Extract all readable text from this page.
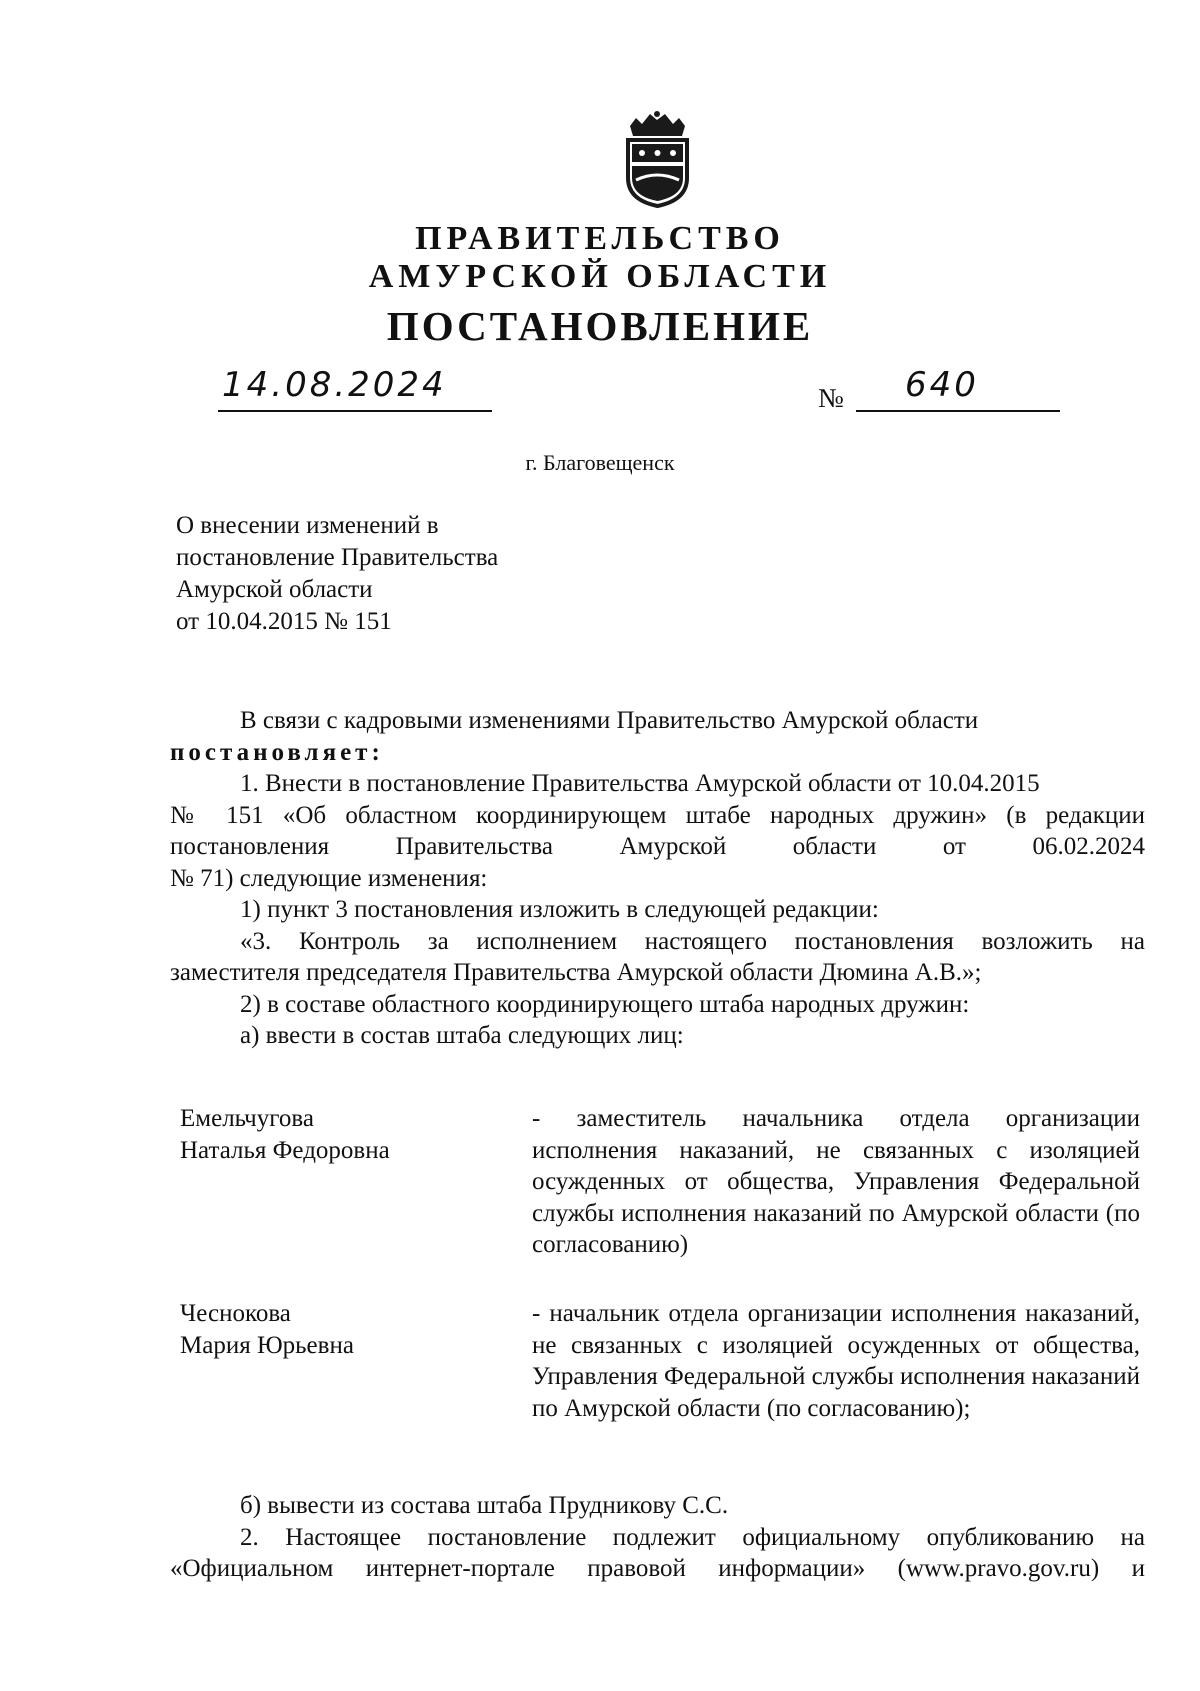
ПРАВИТЕЛЬСТВО
АМУРСКОЙ ОБЛАСТИ
ПОСТАНОВЛЕНИЕ
14.08.2024	№ 640
г. Благовещенск
О внесении изменений в
постановление Правительства
Амурской области
от 10.04.2015 № 151

В связи с кадровыми изменениями Правительство Амурской области

постановляет:

1. Внести в постановление Правительства Амурской области от 10.04.2015

№ 151 «Об областном координирующем штабе народных дружин» (в редакции

постановления Правительства Амурской области от 06.02.2024

№ 71) следующие изменения:

1) пункт 3 постановления изложить в следующей редакции:

«3. Контроль за исполнением настоящего постановления возложить на

заместителя председателя Правительства Амурской области Дюмина А.В.»;

2) в составе областного координирующего штаба народных дружин:

а) ввести в состав штаба следующих лиц:

Емельчугова
Наталья Федоровна
- заместитель начальника отдела организации исполнения наказаний, не связанных с изоляцией осужденных от общества, Управления Федеральной службы исполнения наказаний по Амурской области (по согласованию)
Чеснокова
Мария Юрьевна
- начальник отдела организации исполнения наказаний, не связанных с изоляцией осужденных от общества, Управления Федеральной службы исполнения наказаний по Амурской области (по согласованию);

б) вывести из состава штаба Прудникову С.С.

2. Настоящее постановление подлежит официальному опубликованию на

«Официальном интернет-портале правовой информации» (www.pravo.gov.ru) и
